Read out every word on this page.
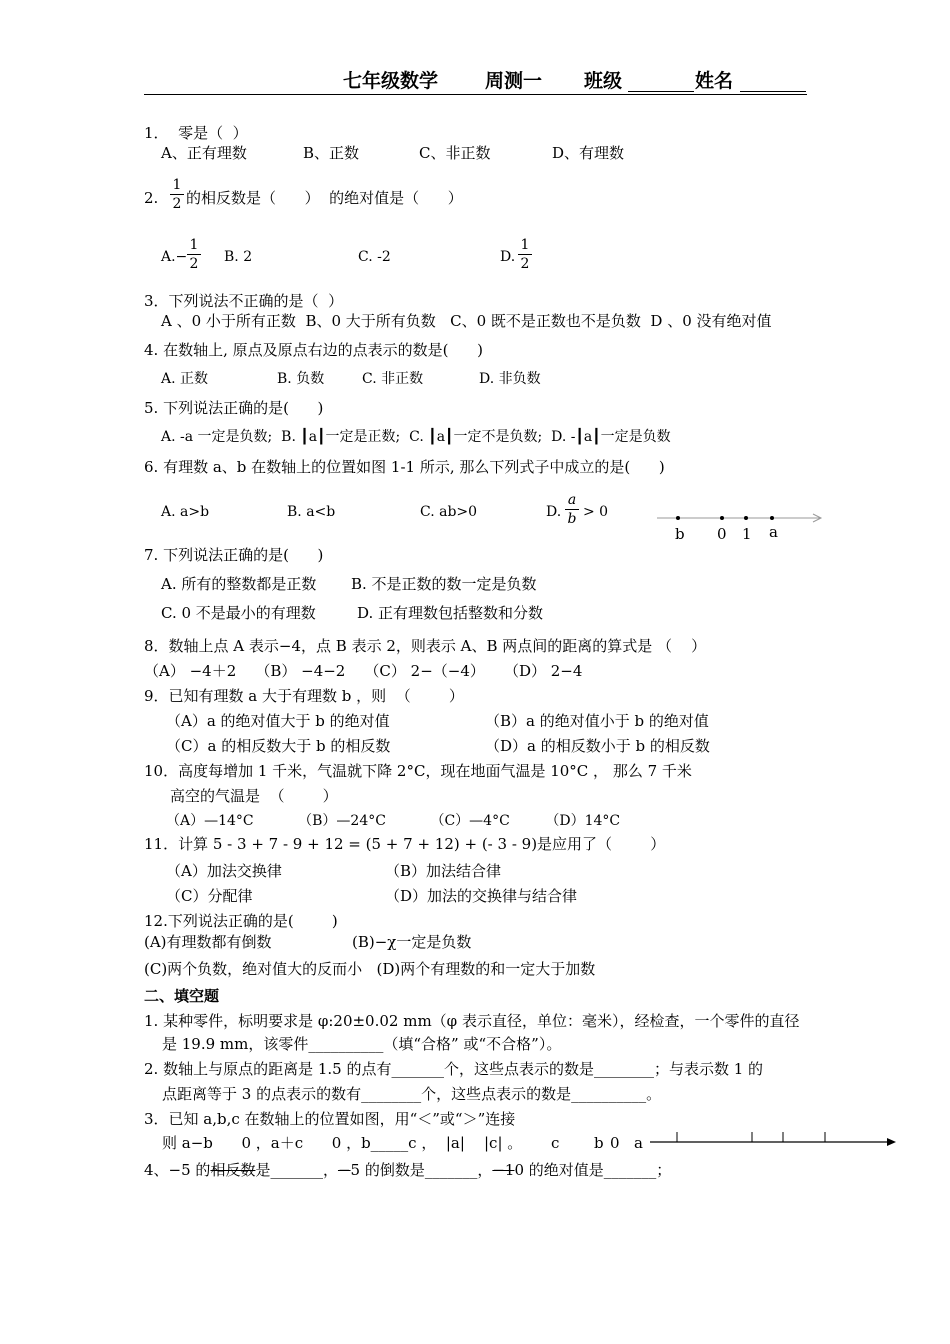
七年级数学 周测一 班级	姓名
1．  零是（  ）
A、正有理数	B、正数	C、非正数	D、有理数
2.
1
2 的相反数是（      ）  的绝对值是（      ）
A.−
1
2 B. 2	C. -2	D.
1
2
3．下列说法不正确的是（  ）
A 、0 小于所有正数  B、0 大于所有负数   C、0 既不是正数也不是负数  D 、0 没有绝对值
4. 在数轴上, 原点及原点右边的点表示的数是(      )
A. 正数	B. 负数	C. 非正数	D. 非负数
5. 下列说法正确的是(      )
A. -a 一定是负数;  B. ┃a┃一定是正数;  C. ┃a┃一定不是负数;  D. -┃a┃一定是负数
6. 有理数 a、b 在数轴上的位置如图 1-1 所示, 那么下列式子中成立的是(      )
A. a>b	B. a<b	C. ab>0	D.
a
b > 0
b 0 1 a
7. 下列说法正确的是(      )
A. 所有的整数都是正数 B. 不是正数的数一定是负数
C. 0 不是最小的有理数	D. 正有理数包括整数和分数
8．数轴上点 A 表示−4，点 B 表示 2，则表示 A、B 两点间的距离的算式是 （    ）
（A） −4＋2    （B） −4−2    （C） 2−（−4）    （D） 2−4
9．已知有理数 a 大于有理数 b ，则  （        ）
（A）a 的绝对值大于 b 的绝对值	（B）a 的绝对值小于 b 的绝对值
（C）a 的相反数大于 b 的相反数	（D）a 的相反数小于 b 的相反数
10．高度每增加 1 千米，气温就下降 2°C，现在地面气温是 10°C ， 那么 7 千米
高空的气温是  （        ）
（A）—14°C          （B）—24°C          （C）—4°C        （D）14°C
11．计算 5 - 3 + 7 - 9 + 12 = (5 + 7 + 12) + (- 3 - 9)是应用了（        ）
（A）加法交换律	（B）加法结合律
（C）分配律	（D）加法的交换律与结合律
12.下列说法正确的是(        )
(A)有理数都有倒数	(B)−χ一定是负数
(C)两个负数，绝对值大的反而小   (D)两个有理数的和一定大于加数
二、填空题
1. 某种零件，标明要求是 φ:20±0.02 mm（φ 表示直径，单位：毫米），经检查，一个零件的直径
是 19.9 mm，该零件__________（填“合格” 或“不合格”）。
2. 数轴上与原点的距离是 1.5 的点有_______个，这些点表示的数是________；与表示数 1 的
点距离等于 3 的点表示的数有________个，这些点表示的数是__________。
3．已知 a,b,c 在数轴上的位置如图，用“＜”或“＞”连接
则 a−b      0 ，a＋c      0 ，b_____c ，  |a|    |c| 。 c b 0 a
4、−5 的相反数是_______，−5 的倒数是_______，−10 的绝对值是_______；
